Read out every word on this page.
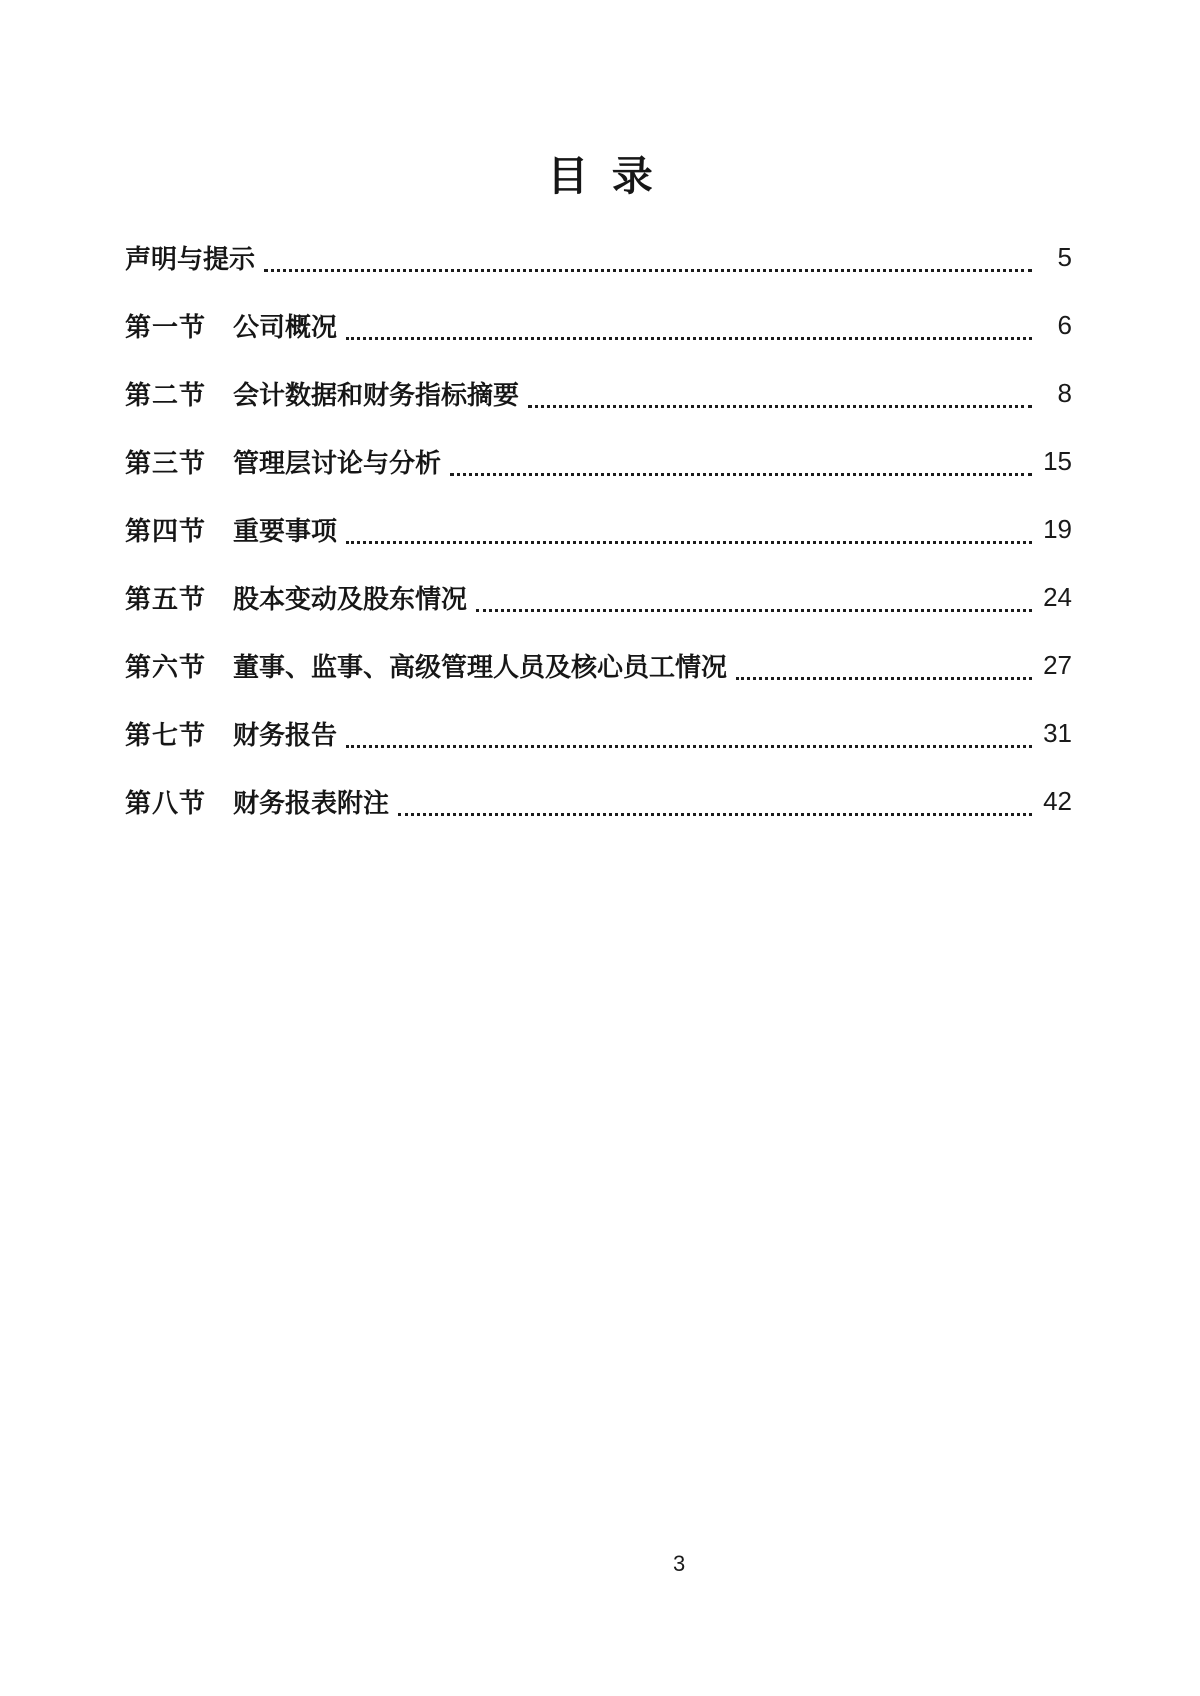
目 录
声明与提示	5
第一节 公司概况	6
第二节 会计数据和财务指标摘要	8
第三节 管理层讨论与分析	15
第四节 重要事项	19
第五节 股本变动及股东情况	24
第六节 董事、监事、高级管理人员及核心员工情况	27
第七节 财务报告	31
第八节 财务报表附注	42
3
